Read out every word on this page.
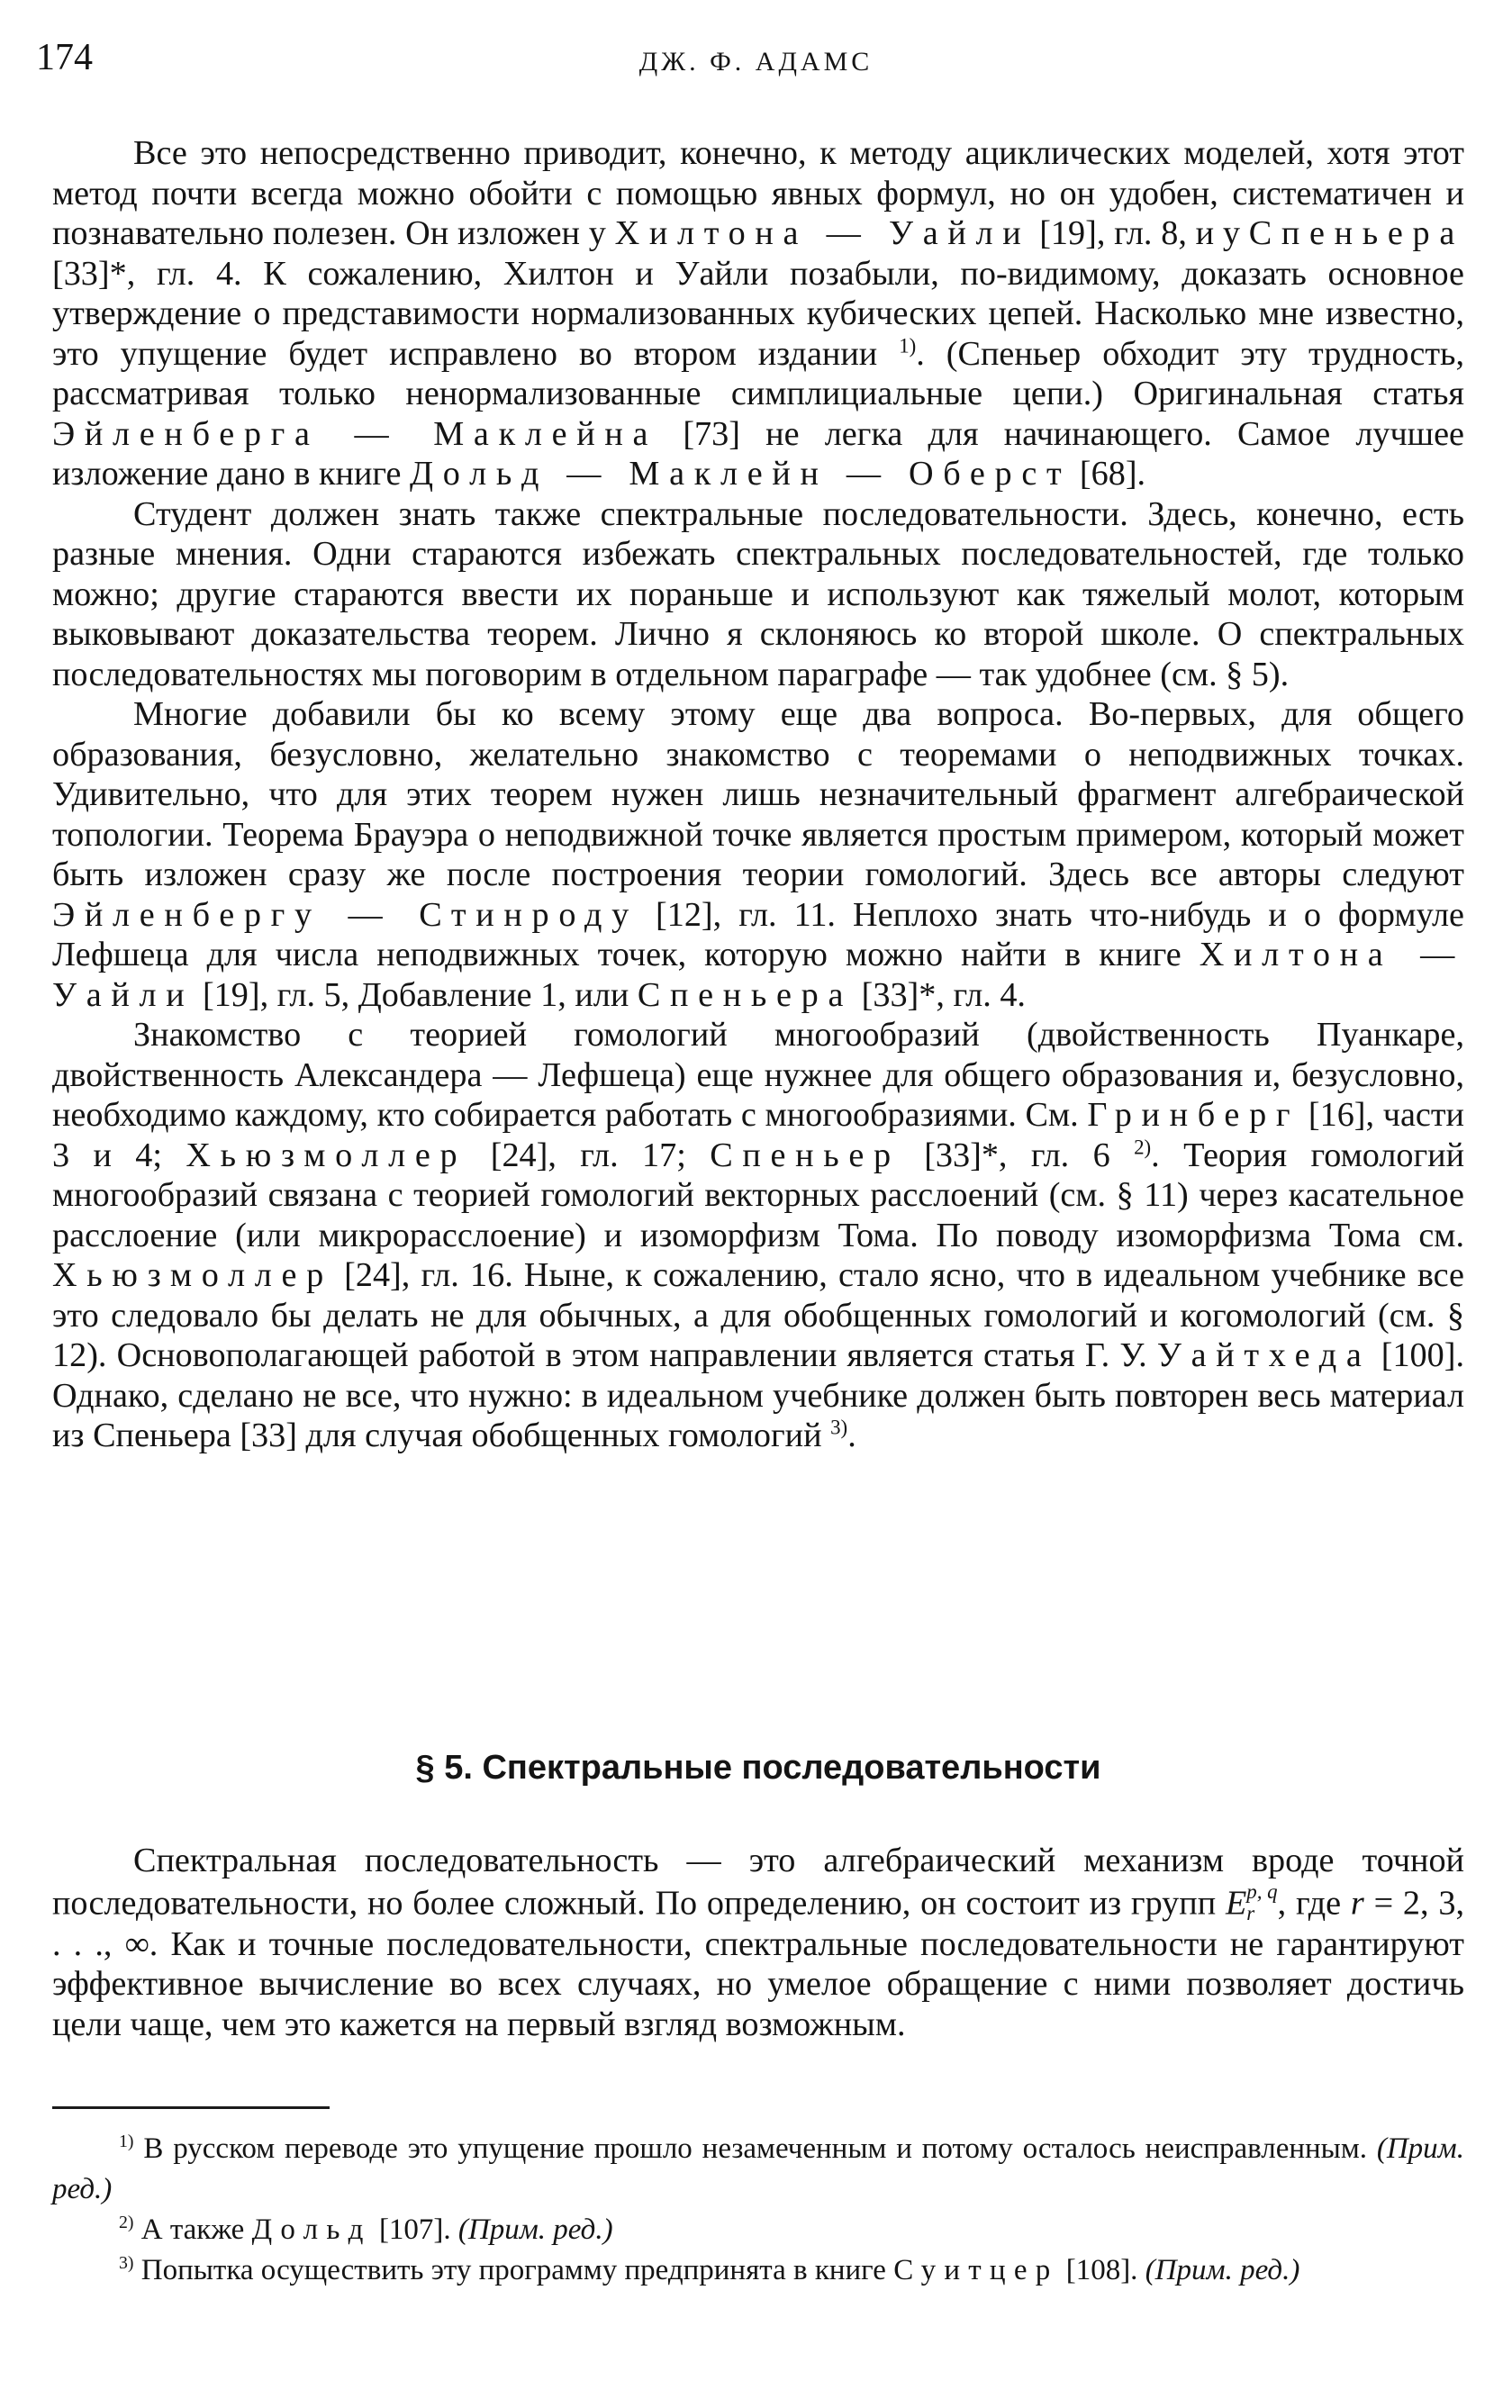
174	ДЖ. Ф. АДАМС

Все это непосредственно приводит, конечно, к методу ациклических моделей, хотя этот метод почти всегда можно обойти с помощью явных формул, но он удобен, систематичен и познавательно полезен. Он изложен у Хилтона — Уайли [19], гл. 8, и у Спеньера [33]*, гл. 4. К сожалению, Хилтон и Уайли позабыли, по-видимому, доказать основное утверждение о представимости нормализованных кубических цепей. Насколько мне известно, это упущение будет исправлено во втором издании $^{1)}$. (Спеньер обходит эту трудность, рассматривая только ненормализованные симплициальные цепи.) Оригинальная статья Эйленберга — Маклейна [73] не легка для начинающего. Самое лучшее изложение дано в книге Дольд — Маклейн — Оберст [68].

Студент должен знать также спектральные последовательности. Здесь, конечно, есть разные мнения. Одни стараются избежать спектральных последовательностей, где только можно; другие стараются ввести их пораньше и используют как тяжелый молот, которым выковывают доказательства теорем. Лично я склоняюсь ко второй школе. О спектральных последовательностях мы поговорим в отдельном параграфе — так удобнее (см. § 5).

Многие добавили бы ко всему этому еще два вопроса. Во-первых, для общего образования, безусловно, желательно знакомство с теоремами о неподвижных точках. Удивительно, что для этих теорем нужен лишь незначительный фрагмент алгебраической топологии. Теорема Брауэра о неподвижной точке является простым примером, который может быть изложен сразу же после построения теории гомологий. Здесь все авторы следуют Эйленбергу — Стинроду [12], гл. 11. Неплохо знать что-нибудь и о формуле Лефшеца для числа неподвижных точек, которую можно найти в книге Хилтона — Уайли [19], гл. 5, Добавление 1, или Спеньера [33]*, гл. 4.

Знакомство с теорией гомологий многообразий (двойственность Пуанкаре, двойственность Александера — Лефшеца) еще нужнее для общего образования и, безусловно, необходимо каждому, кто собирается работать с многообразиями. См. Гринберг [16], части 3 и 4; Хьюзмоллер [24], гл. 17; Спеньер [33]*, гл. 6 $^{2)}$. Теория гомологий многообразий связана с теорией гомологий векторных расслоений (см. § 11) через касательное расслоение (или микрорасслоение) и изоморфизм Тома. По поводу изоморфизма Тома см. Хьюзмоллер [24], гл. 16. Ныне, к сожалению, стало ясно, что в идеальном учебнике все это следовало бы делать не для обычных, а для обобщенных гомологий и когомологий (см. § 12). Основополагающей работой в этом направлении является статья Г. У. Уайтхеда [100]. Однако, сделано не все, что нужно: в идеальном учебнике должен быть повторен весь материал из Спеньера [33] для случая обобщенных гомологий $^{3)}$.

§ 5. Спектральные последовательности

Спектральная последовательность — это алгебраический механизм вроде точной последовательности, но более сложный. По определению, он состоит из групп E p, q
r , где r = 2, 3, . . ., ∞. Как и точные последовательности, спектральные последовательности не гарантируют эффективное вычисление во всех случаях, но умелое обращение с ними позволяет достичь цели чаще, чем это кажется на первый взгляд возможным.

$^{1)}$ В русском переводе это упущение прошло незамеченным и потому осталось неисправленным. (Прим. ред.)

$^{2)}$ А также Дольд [107]. (Прим. ред.)

$^{3)}$ Попытка осуществить эту программу предпринята в книге Суитцер [108]. (Прим. ред.)
